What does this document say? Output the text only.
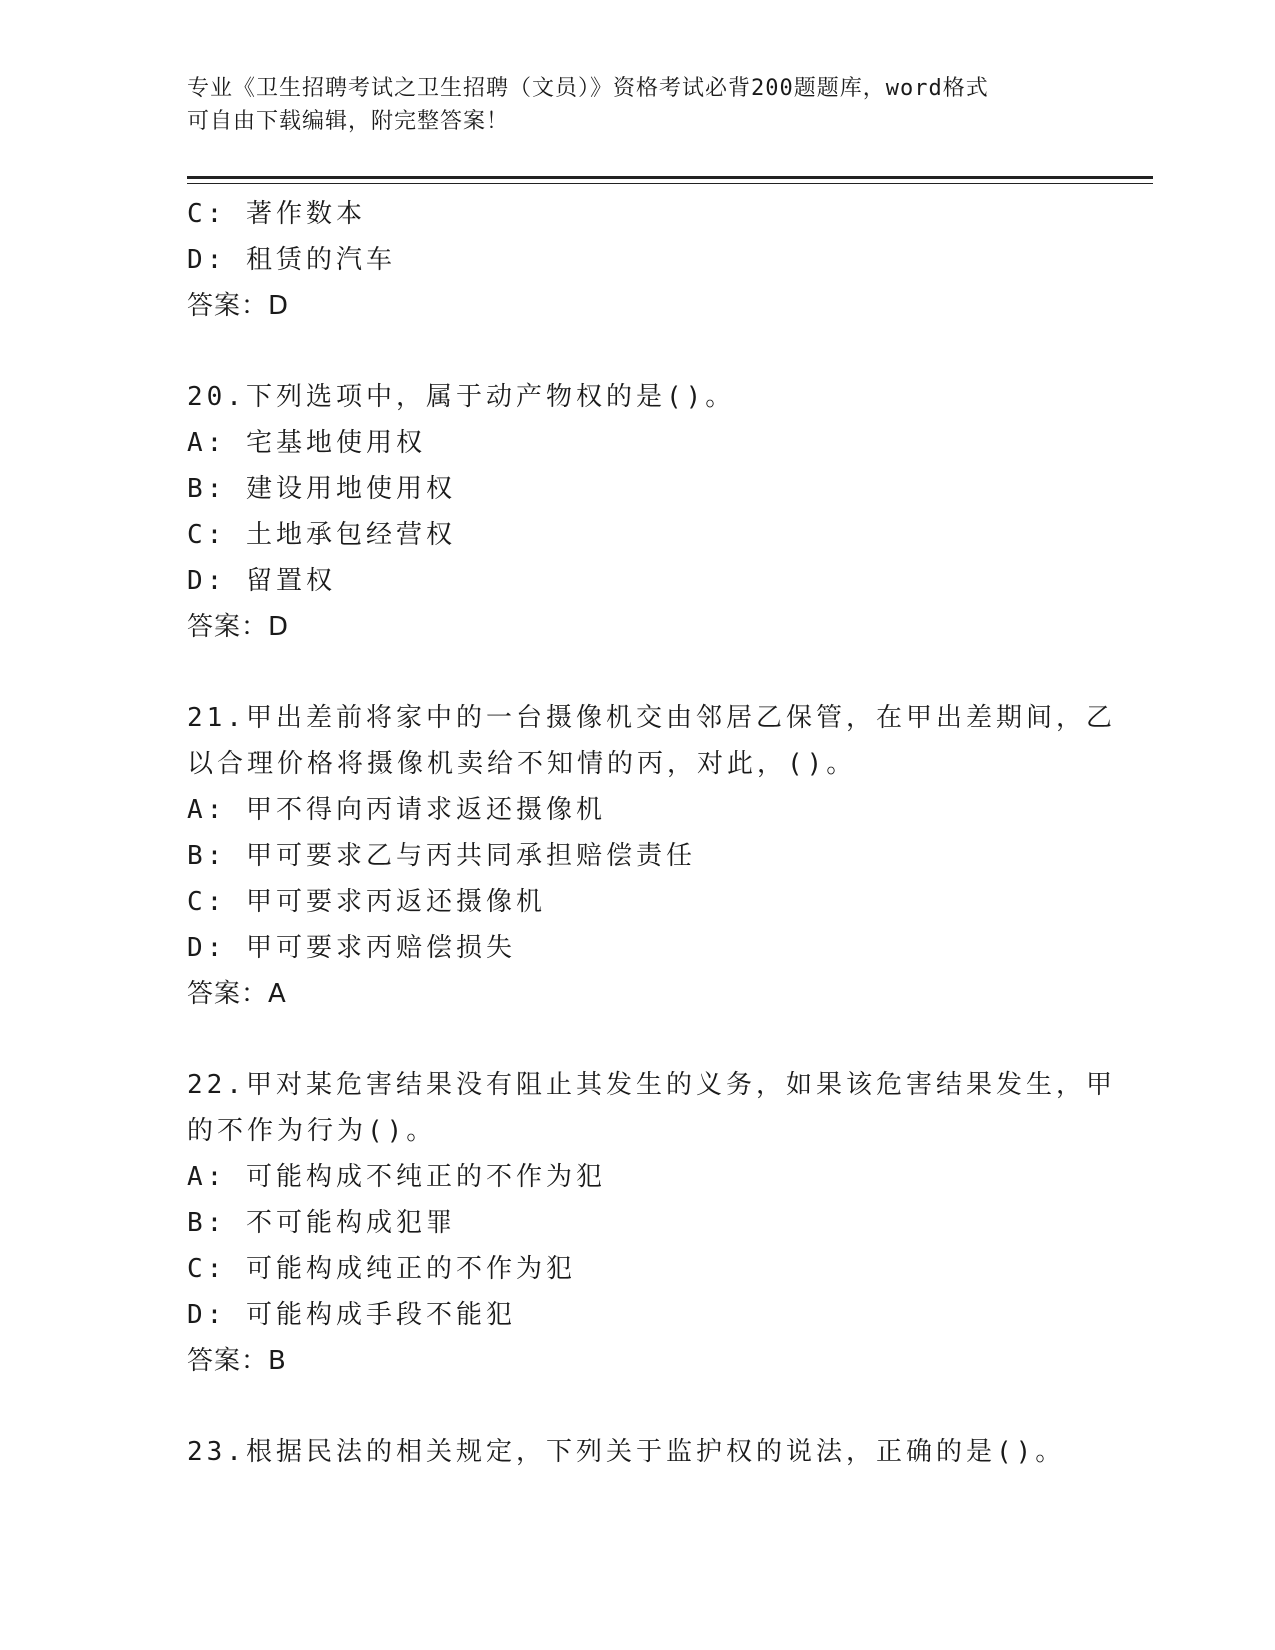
专业《卫生招聘考试之卫生招聘（文员）》资格考试必背200题题库，word格式
可自由下载编辑，附完整答案！
C: 著作数本
D: 租赁的汽车
答案：D
20.下列选项中，属于动产物权的是()。
A: 宅基地使用权
B: 建设用地使用权
C: 土地承包经营权
D: 留置权
答案：D
21.甲出差前将家中的一台摄像机交由邻居乙保管，在甲出差期间，乙
以合理价格将摄像机卖给不知情的丙，对此，()。
A: 甲不得向丙请求返还摄像机
B: 甲可要求乙与丙共同承担赔偿责任
C: 甲可要求丙返还摄像机
D: 甲可要求丙赔偿损失
答案：A
22.甲对某危害结果没有阻止其发生的义务，如果该危害结果发生，甲
的不作为行为()。
A: 可能构成不纯正的不作为犯
B: 不可能构成犯罪
C: 可能构成纯正的不作为犯
D: 可能构成手段不能犯
答案：B
23.根据民法的相关规定，下列关于监护权的说法，正确的是()。
